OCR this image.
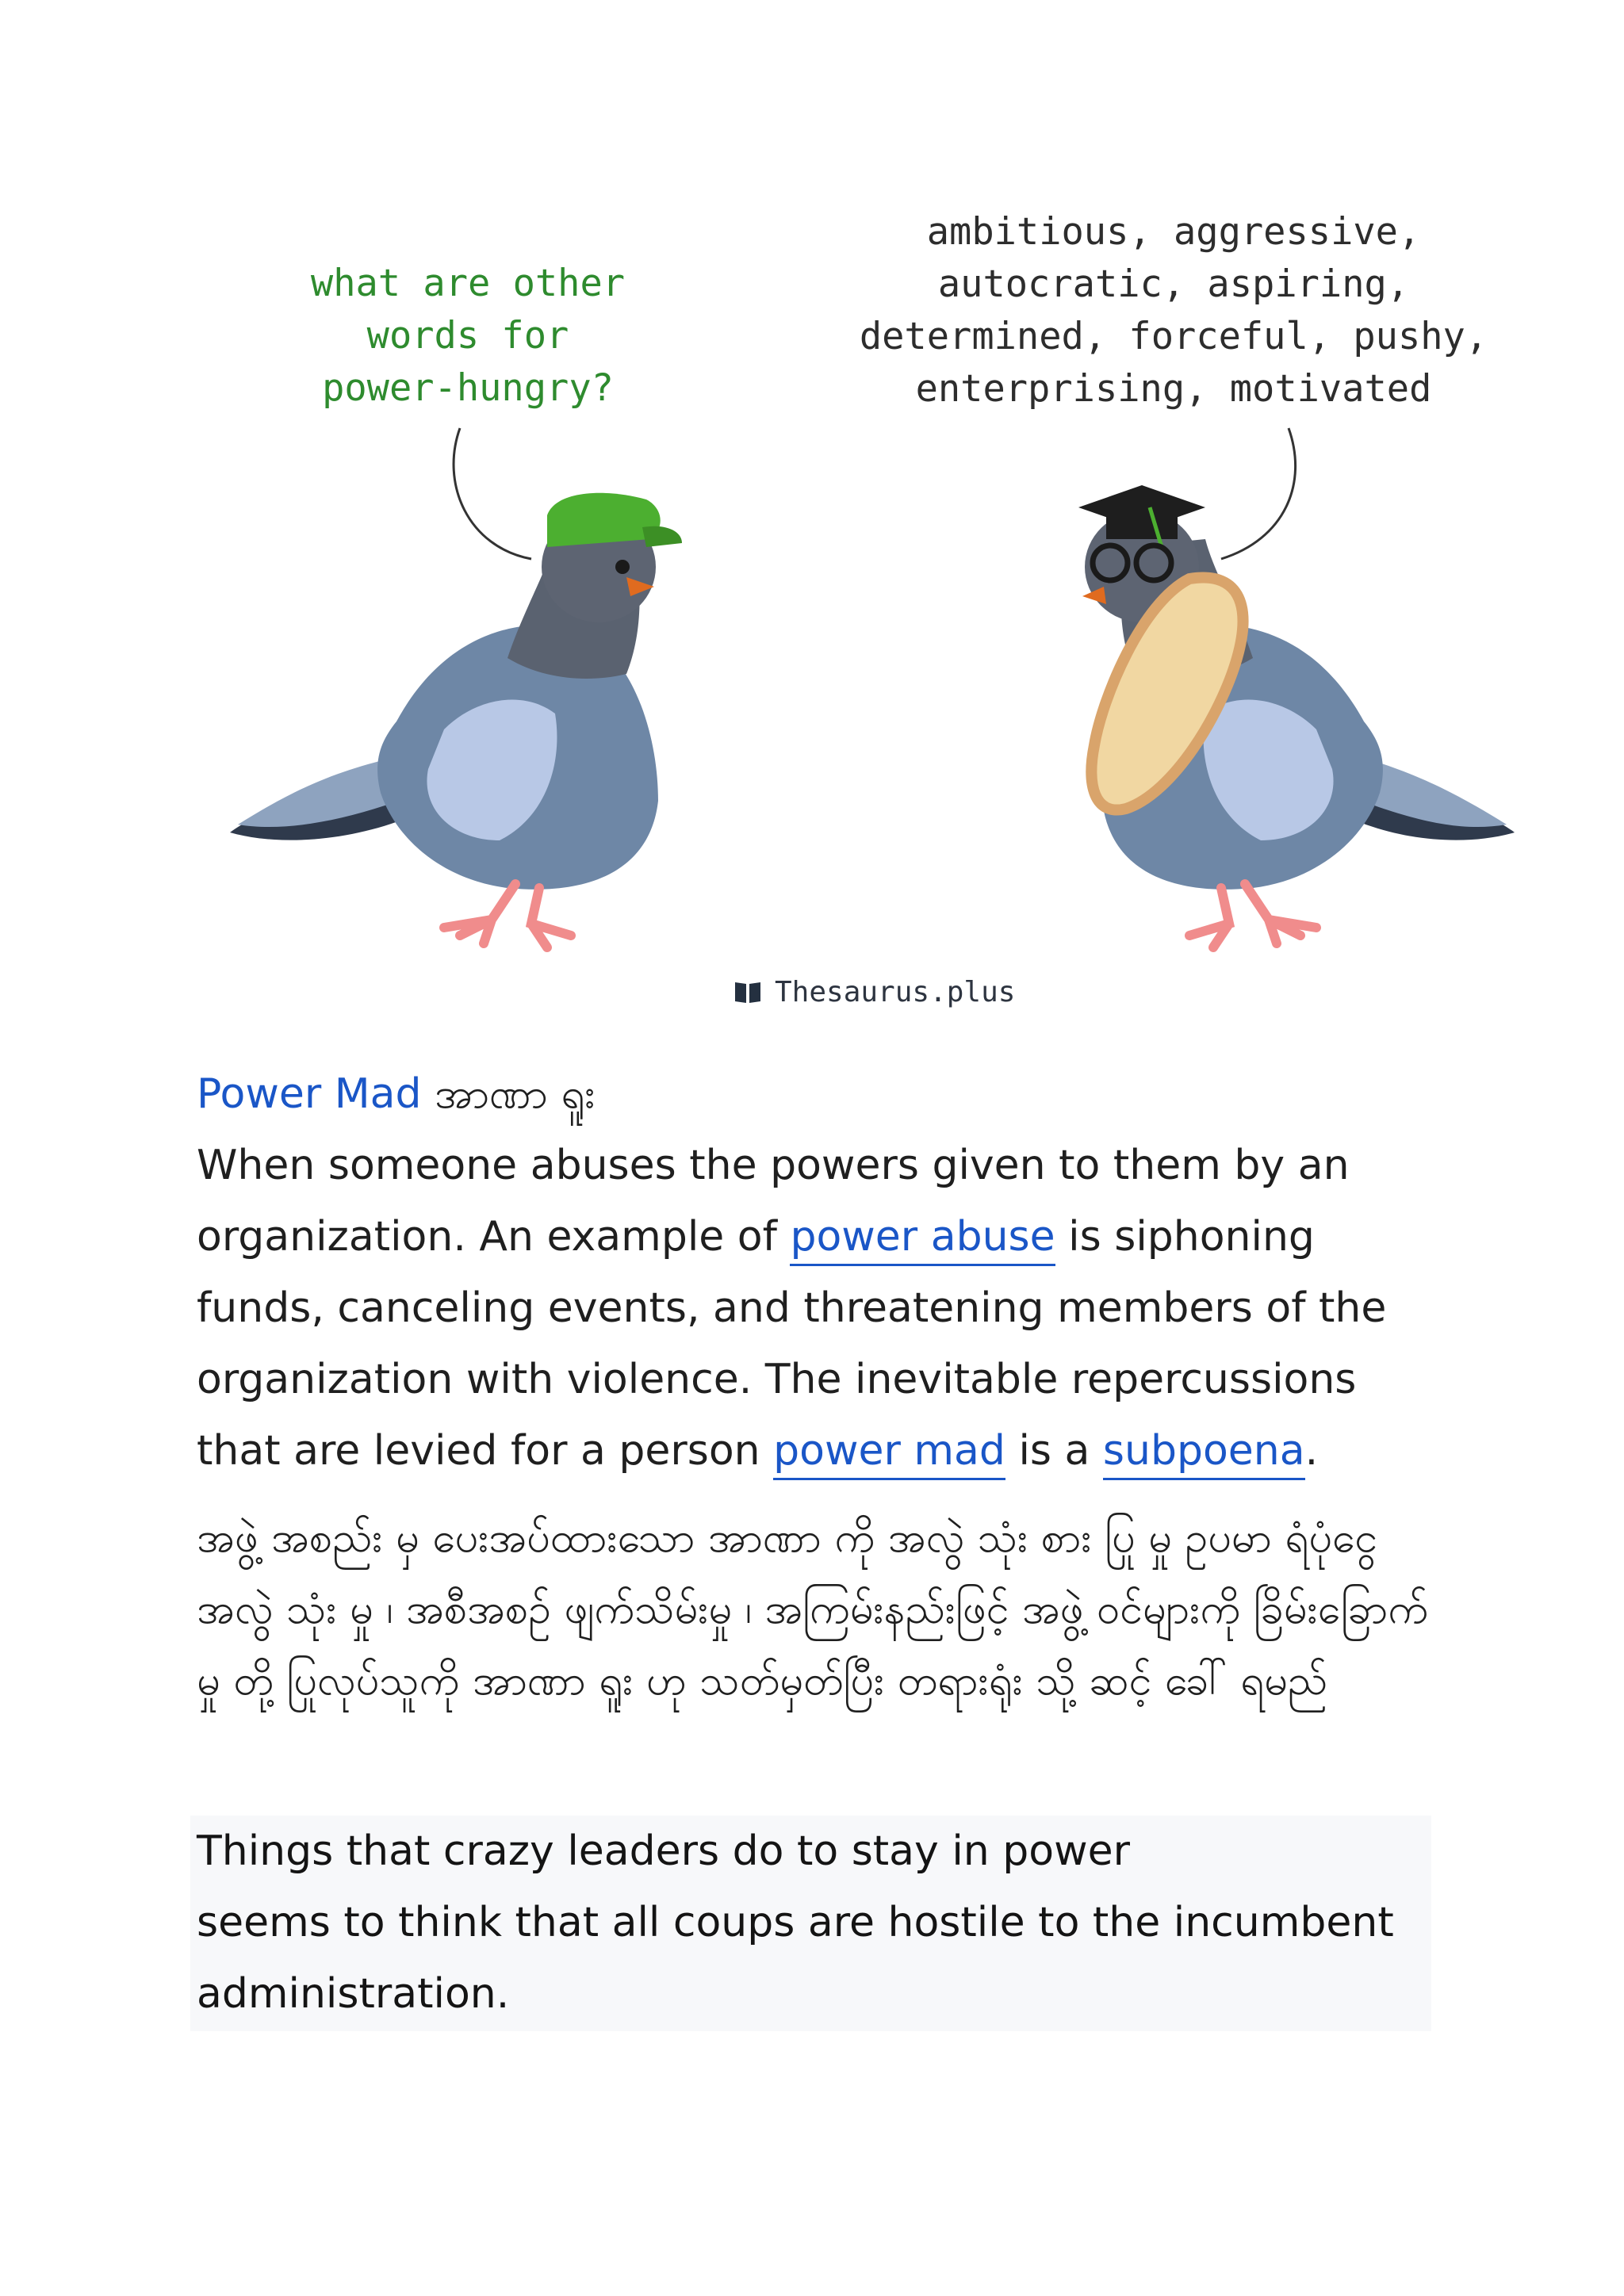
what are other
words for
power-hungry?
ambitious, aggressive,
autocratic, aspiring,
determined, forceful, pushy,
enterprising, motivated
Thesaurus.plus
Power Mad အာဏာ ရူး

When someone abuses the powers given to them by an organization. An example of power abuse is siphoning funds, canceling events, and threatening members of the organization with violence. The inevitable repercussions that are levied for a person power mad is a subpoena.

အဖွဲ့ အစည်း မှ ပေးအပ်ထားသော အာဏာ ကို အလွဲ သုံး စား ပြု မှု ဥပမာ ရံပုံငွေ အလွဲ သုံး မှု ၊ အစီအစဉ် ဖျက်သိမ်းမှု ၊ အကြမ်းနည်းဖြင့် အဖွဲ့ ဝင်များကို ခြိမ်းခြောက်မှု တို့ ပြုလုပ်သူကို အာဏာ ရူး ဟု သတ်မှတ်ပြီး တရားရုံး သို့ ဆင့် ခေါ် ရမည်

Things that crazy leaders do to stay in power
seems to think that all coups are hostile to the incumbent administration.
